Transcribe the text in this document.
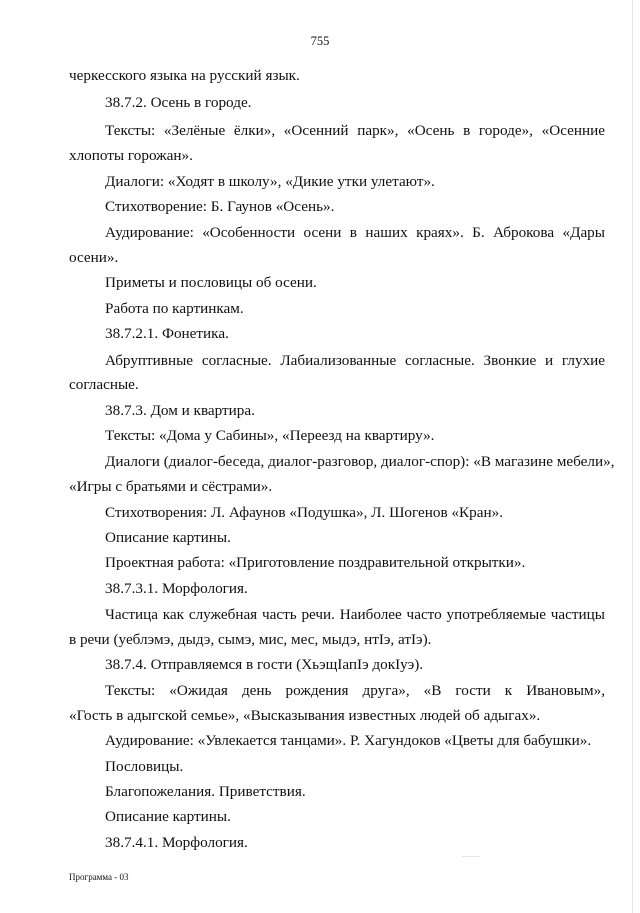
755
черкесского языка на русский язык.
38.7.2. Осень в городе.
Тексты: «Зелёные ёлки», «Осенний парк», «Осень в городе», «Осенние
хлопоты горожан».
Диалоги: «Ходят в школу», «Дикие утки улетают».
Стихотворение: Б. Гаунов «Осень».
Аудирование: «Особенности осени в наших краях». Б. Аброкова «Дары
осени».
Приметы и пословицы об осени.
Работа по картинкам.
38.7.2.1. Фонетика.
Абруптивные согласные. Лабиализованные согласные. Звонкие и глухие
согласные.
38.7.3. Дом и квартира.
Тексты: «Дома у Сабины», «Переезд на квартиру».
Диалоги (диалог-беседа, диалог-разговор, диалог-спор): «В магазине мебели»,
«Игры с братьями и сёстрами».
Стихотворения: Л. Афаунов «Подушка», Л. Шогенов «Кран».
Описание картины.
Проектная работа: «Приготовление поздравительной открытки».
38.7.3.1. Морфология.
Частица как служебная часть речи. Наиболее часто употребляемые частицы
в речи (уеблэмэ, дыдэ, сымэ, мис, мес, мыдэ, нтӀэ, атӀэ).
38.7.4. Отправляемся в гости (ХьэщӀапӀэ докӀуэ).
Тексты: «Ожидая день рождения друга», «В гости к Ивановым»,
«Гость в адыгской семье», «Высказывания известных людей об адыгах».
Аудирование: «Увлекается танцами». Р. Хагундоков «Цветы для бабушки».
Пословицы.
Благопожелания. Приветствия.
Описание картины.
38.7.4.1. Морфология.
Программа - 03
